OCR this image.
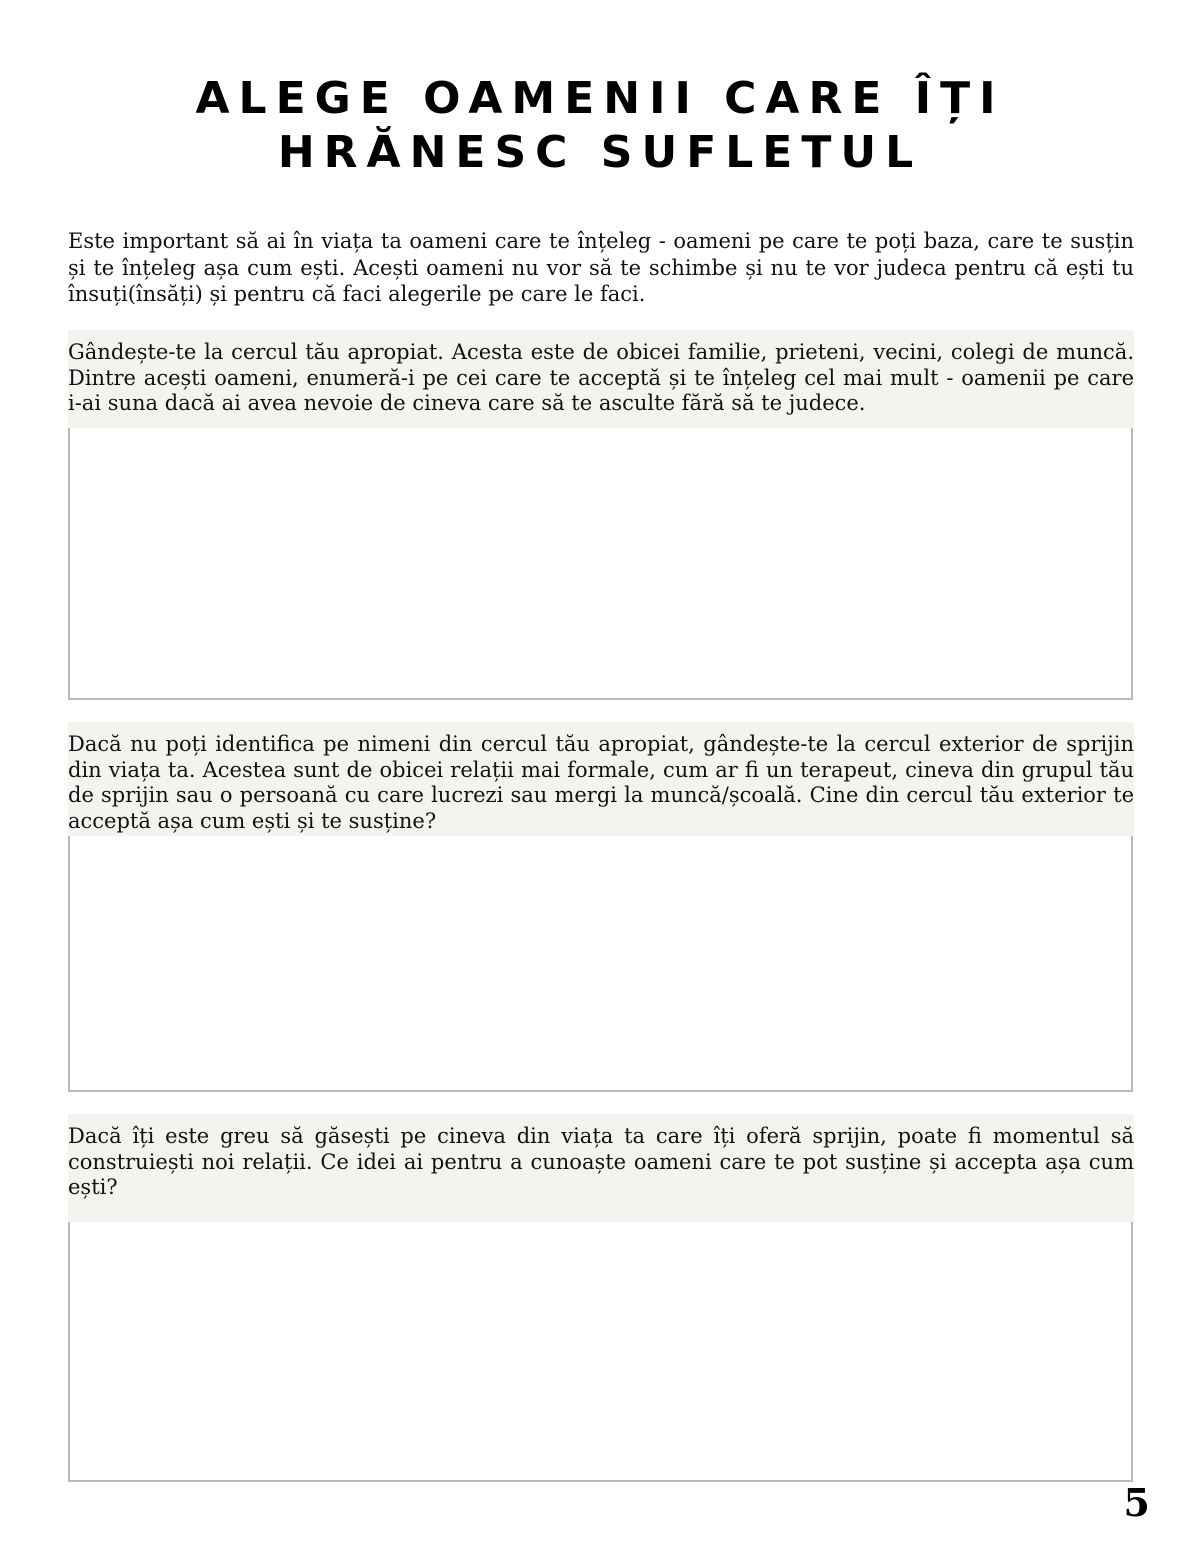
ALEGE OAMENII CARE ÎȚI HRĂNESC SUFLETUL

Este important să ai în viața ta oameni care te înțeleg - oameni pe care te poți baza, care te susțin și te înțeleg așa cum ești. Acești oameni nu vor să te schimbe și nu te vor judeca pentru că ești tu însuți(însăți) și pentru că faci alegerile pe care le faci.

Gândește-te la cercul tău apropiat. Acesta este de obicei familie, prieteni, vecini, colegi de muncă. Dintre acești oameni, enumeră-i pe cei care te acceptă și te înțeleg cel mai mult - oamenii pe care i-ai suna dacă ai avea nevoie de cineva care să te asculte fără să te judece.

Dacă nu poți identifica pe nimeni din cercul tău apropiat, gândește-te la cercul exterior de sprijin din viața ta. Acestea sunt de obicei relații mai formale, cum ar fi un terapeut, cineva din grupul tău de sprijin sau o persoană cu care lucrezi sau mergi la muncă/școală. Cine din cercul tău exterior te acceptă așa cum ești și te susține?

Dacă îți este greu să găsești pe cineva din viața ta care îți oferă sprijin, poate fi momentul să construiești noi relații. Ce idei ai pentru a cunoaște oameni care te pot susține și accepta așa cum ești?

5
